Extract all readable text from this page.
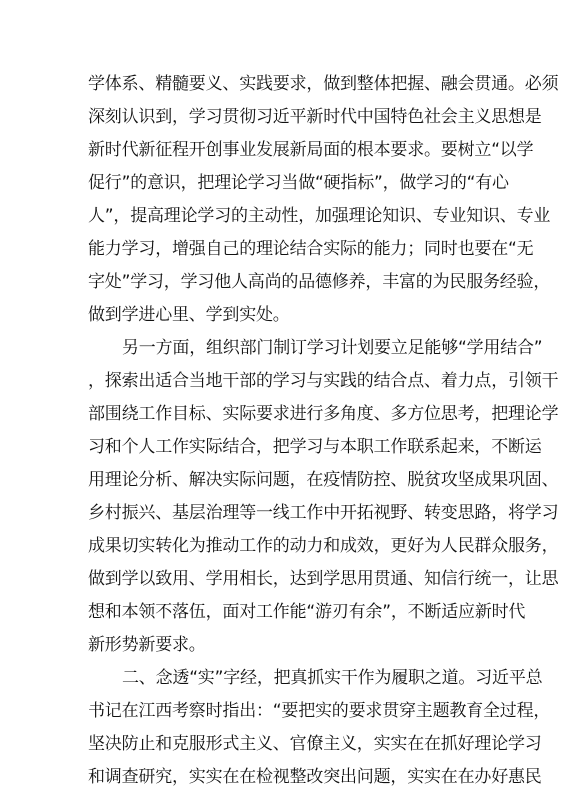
学体系、精髓要义、实践要求，做到整体把握、融会贯通。必须
深刻认识到，学习贯彻习近平新时代中国特色社会主义思想是
新时代新征程开创事业发展新局面的根本要求。要树立“以学
促行”的意识，把理论学习当做“硬指标”，做学习的“有心
人”，提高理论学习的主动性，加强理论知识、专业知识、专业
能力学习，增强自己的理论结合实际的能力；同时也要在“无
字处”学习，学习他人高尚的品德修养，丰富的为民服务经验，
做到学进心里、学到实处。
另一方面，组织部门制订学习计划要立足能够“学用结合”
，探索出适合当地干部的学习与实践的结合点、着力点，引领干
部围绕工作目标、实际要求进行多角度、多方位思考，把理论学
习和个人工作实际结合，把学习与本职工作联系起来，不断运
用理论分析、解决实际问题，在疫情防控、脱贫攻坚成果巩固、
乡村振兴、基层治理等一线工作中开拓视野、转变思路，将学习
成果切实转化为推动工作的动力和成效，更好为人民群众服务，
做到学以致用、学用相长，达到学思用贯通、知信行统一，让思
想和本领不落伍，面对工作能“游刃有余”，不断适应新时代
新形势新要求。
二、念透“实”字经，把真抓实干作为履职之道。习近平总
书记在江西考察时指出：“要把实的要求贯穿主题教育全过程，
坚决防止和克服形式主义、官僚主义，实实在在抓好理论学习
和调查研究，实实在在检视整改突出问题，实实在在办好惠民
